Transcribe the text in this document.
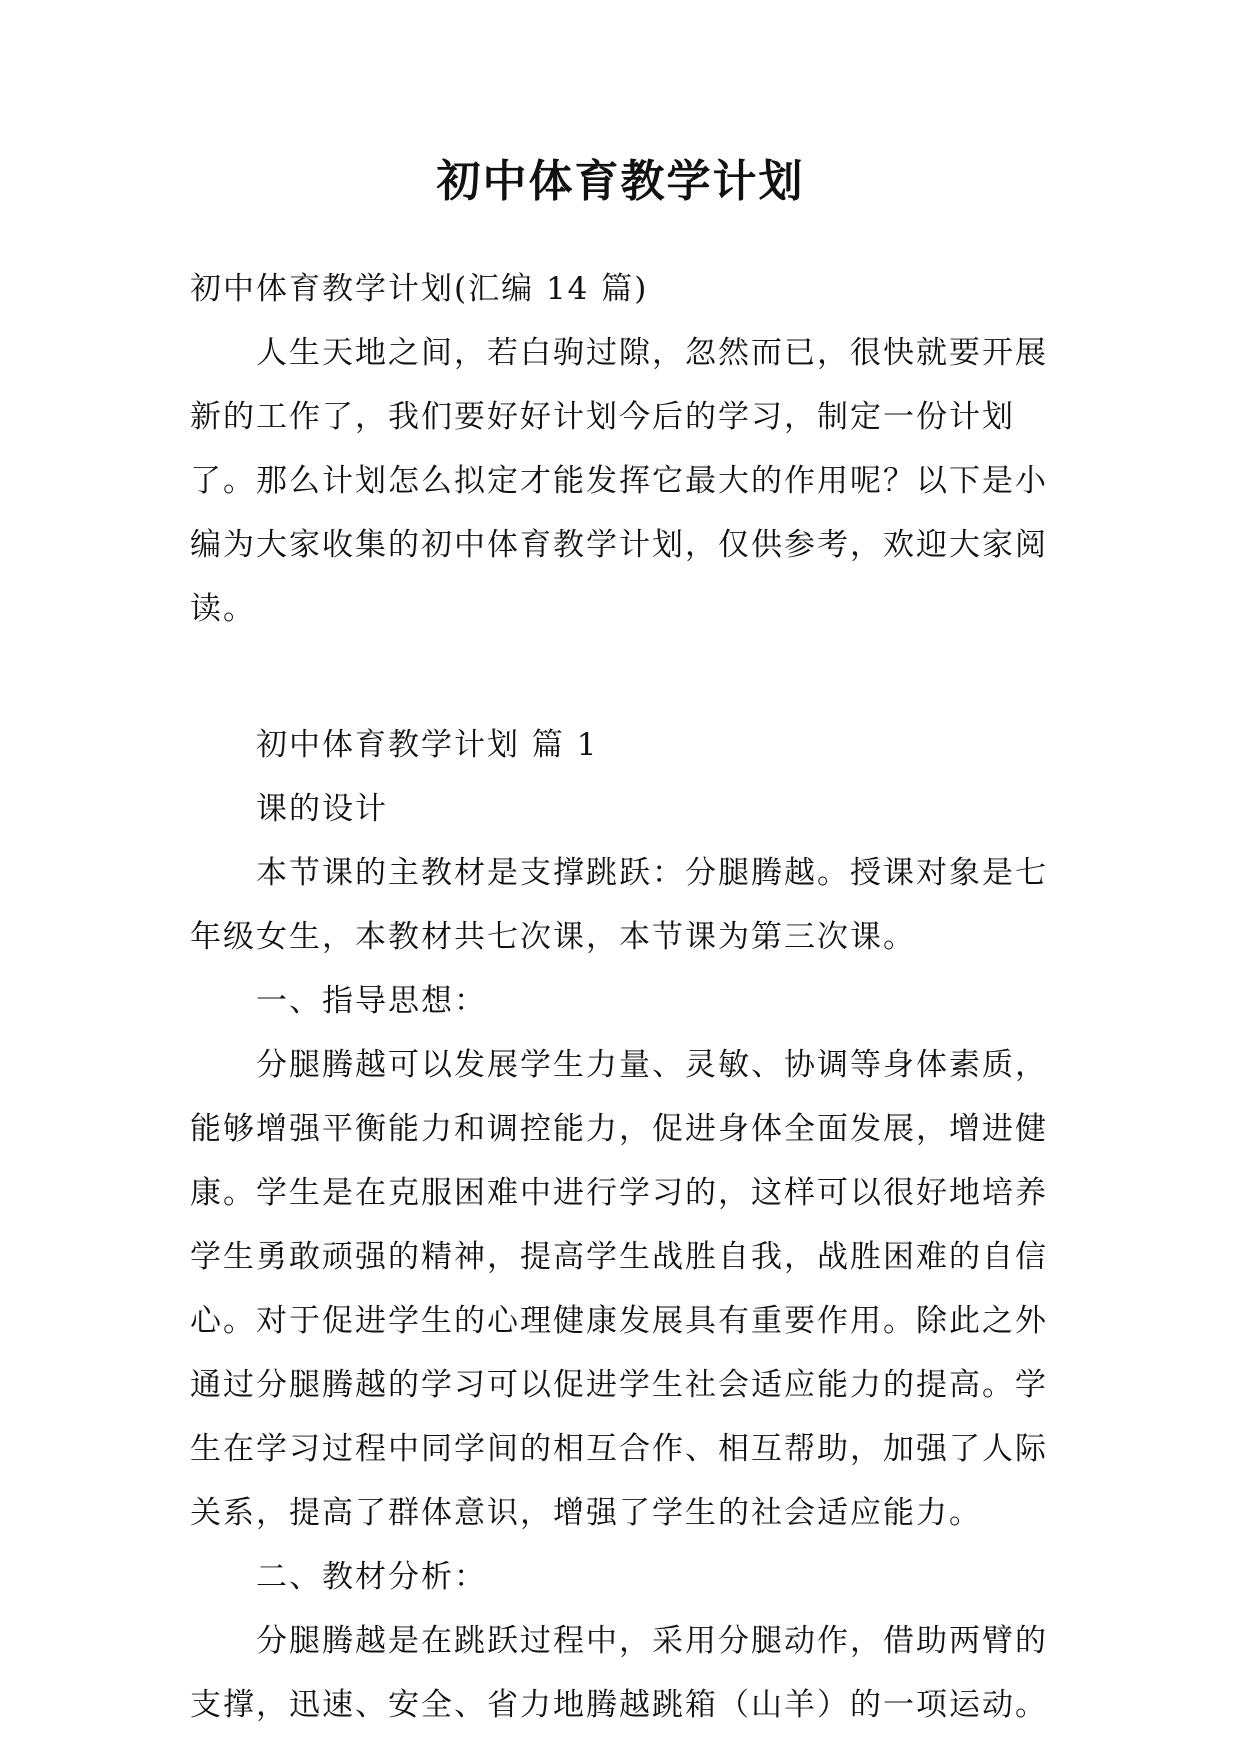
初中体育教学计划

初中体育教学计划(汇编 14 篇)

人生天地之间，若白驹过隙，忽然而已，很快就要开展新的工作了，我们要好好计划今后的学习，制定一份计划了。那么计划怎么拟定才能发挥它最大的作用呢？以下是小编为大家收集的初中体育教学计划，仅供参考，欢迎大家阅读。

初中体育教学计划 篇 1

课的设计

本节课的主教材是支撑跳跃：分腿腾越。授课对象是七年级女生，本教材共七次课，本节课为第三次课。

一、指导思想：

分腿腾越可以发展学生力量、灵敏、协调等身体素质，能够增强平衡能力和调控能力，促进身体全面发展，增进健康。学生是在克服困难中进行学习的，这样可以很好地培养学生勇敢顽强的精神，提高学生战胜自我，战胜困难的自信心。对于促进学生的心理健康发展具有重要作用。除此之外通过分腿腾越的学习可以促进学生社会适应能力的提高。学生在学习过程中同学间的相互合作、相互帮助，加强了人际关系，提高了群体意识，增强了学生的社会适应能力。

二、教材分析：

分腿腾越是在跳跃过程中，采用分腿动作，借助两臂的支撑，迅速、安全、省力地腾越跳箱（山羊）的一项运动。
